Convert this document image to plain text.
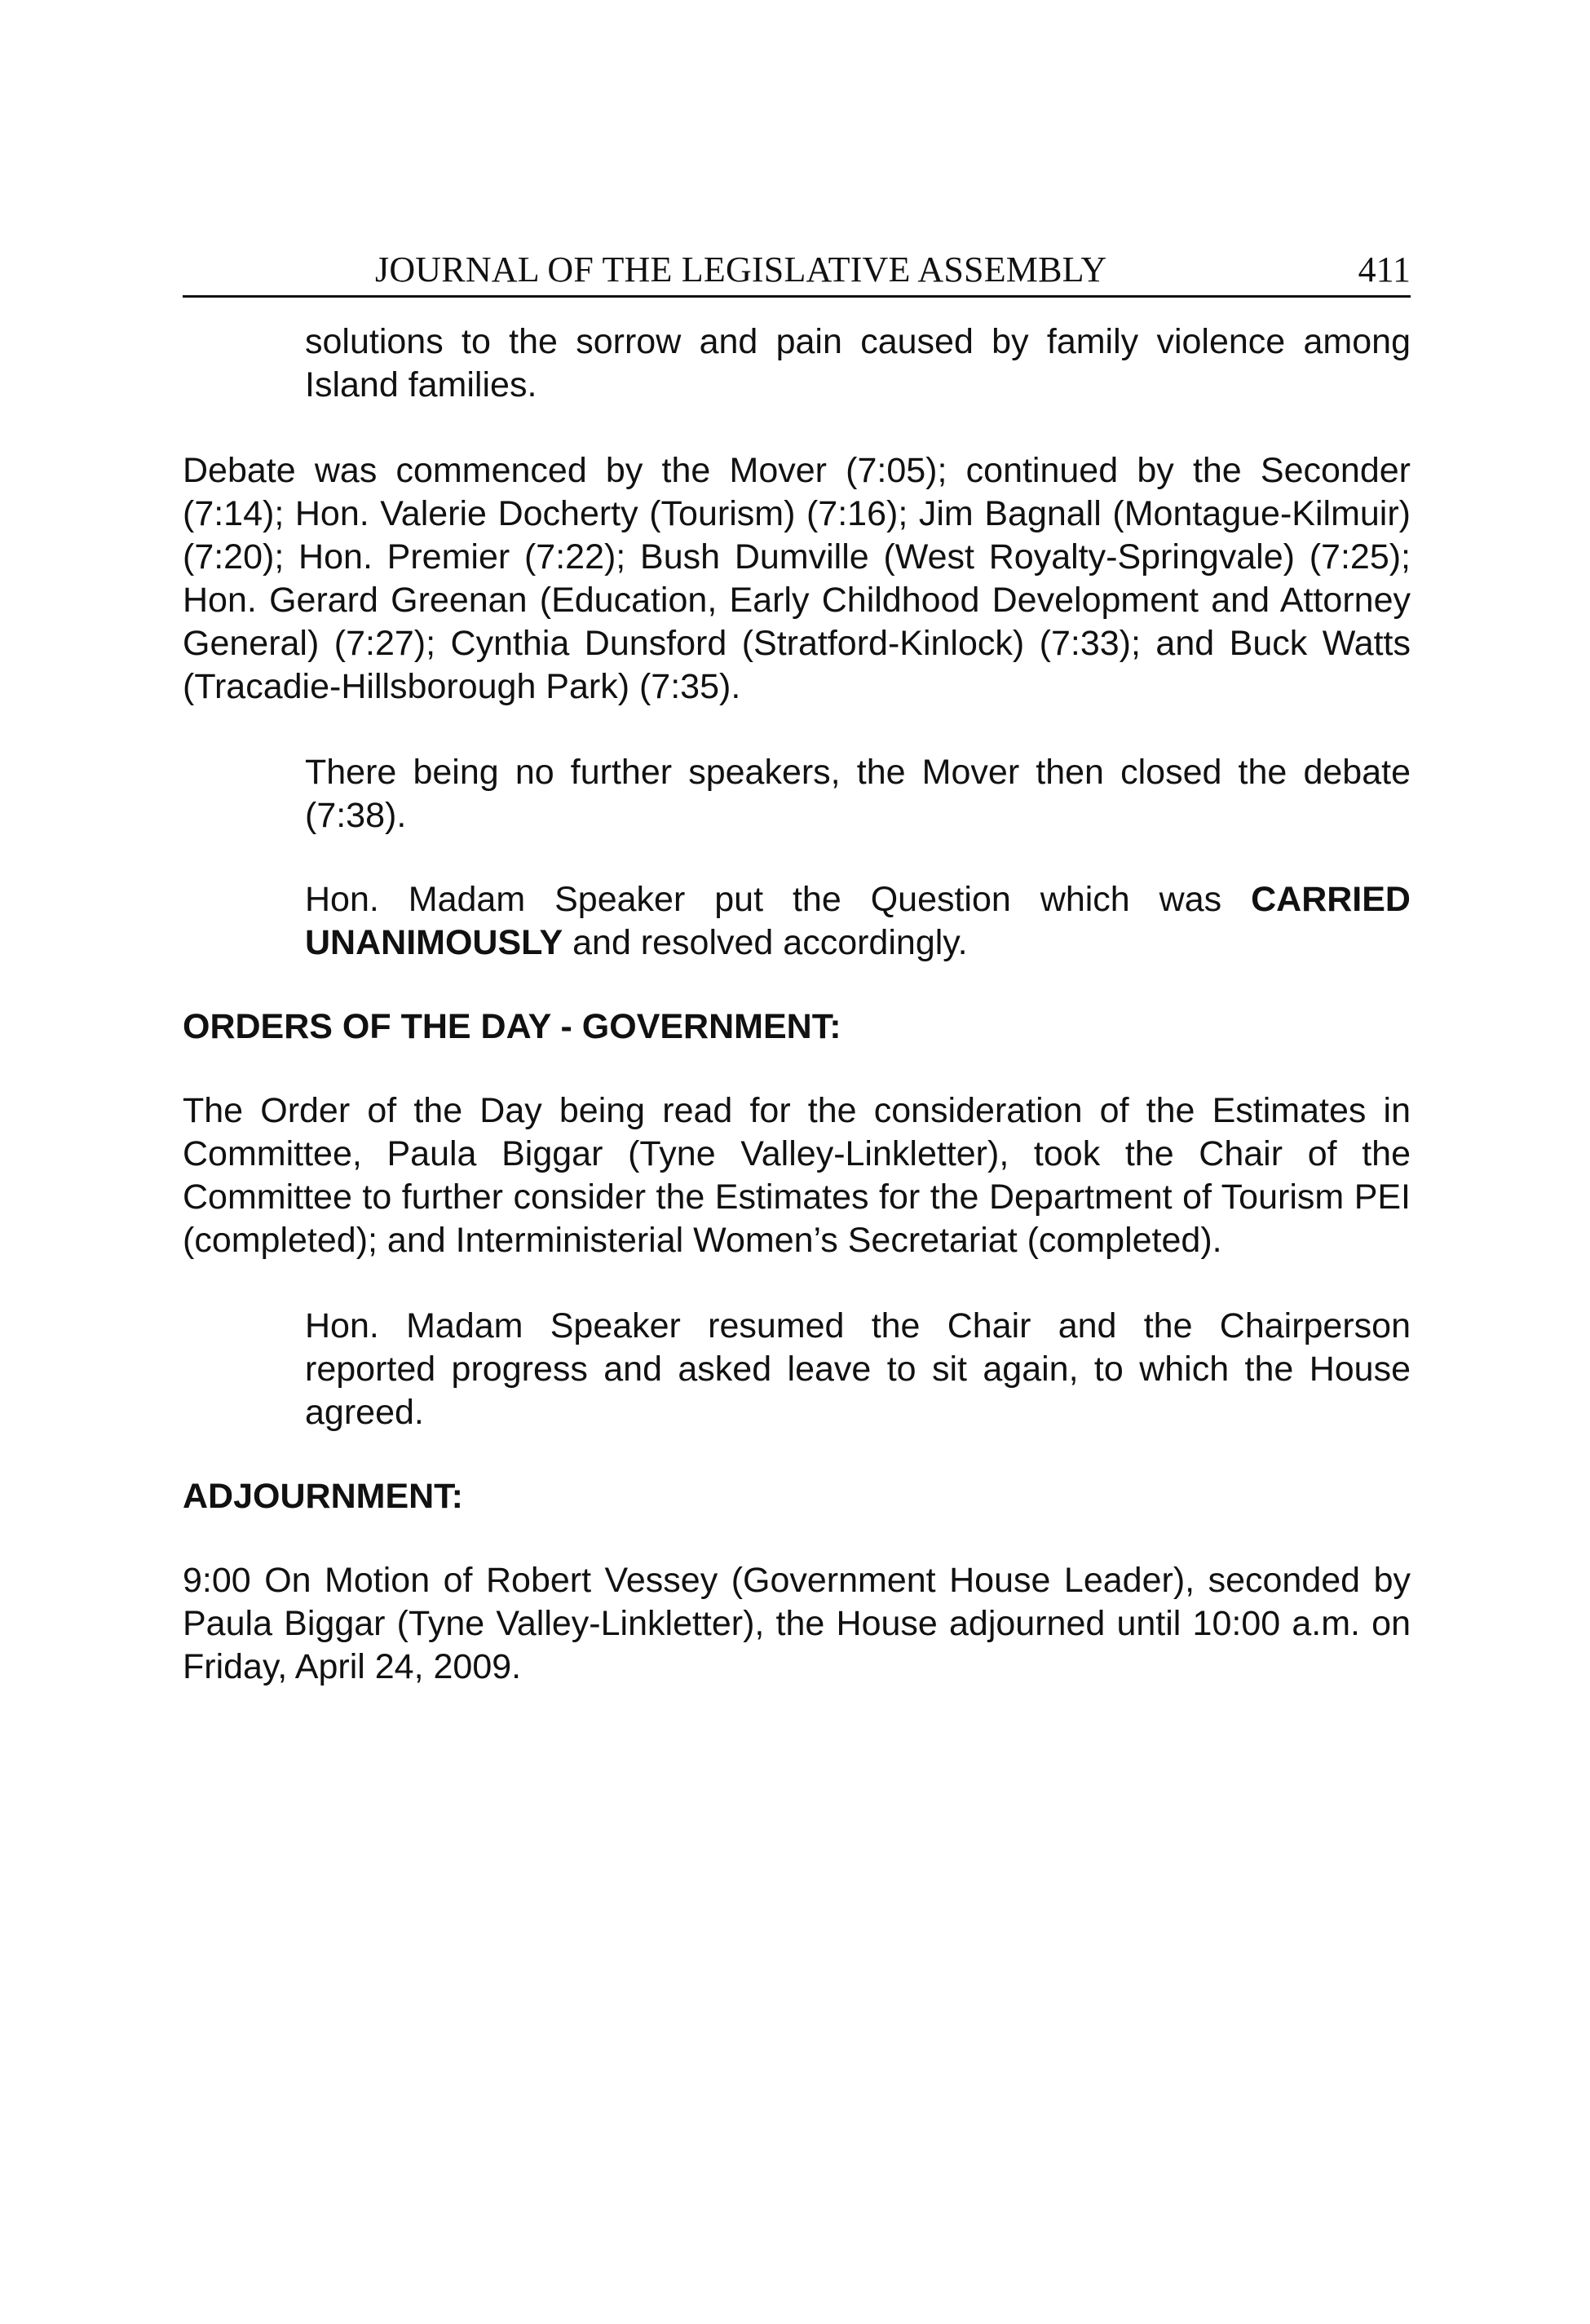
JOURNAL OF THE LEGISLATIVE ASSEMBLY	411

solutions to the sorrow and pain caused by family violence among Island families.

Debate was commenced by the Mover (7:05); continued by the Seconder (7:14); Hon. Valerie Docherty (Tourism) (7:16); Jim Bagnall (Montague-Kilmuir) (7:20); Hon. Premier (7:22); Bush Dumville (West Royalty-Springvale) (7:25); Hon. Gerard Greenan (Education, Early Childhood Development and Attorney General) (7:27); Cynthia Dunsford (Stratford-Kinlock) (7:33); and Buck Watts (Tracadie-Hillsborough Park) (7:35).

There being no further speakers, the Mover then closed the debate (7:38).

Hon. Madam Speaker put the Question which was CARRIED UNANIMOUSLY and resolved accordingly.

ORDERS OF THE DAY - GOVERNMENT:

The Order of the Day being read for the consideration of the Estimates in Committee, Paula Biggar (Tyne Valley-Linkletter), took the Chair of the Committee to further consider the Estimates for the Department of Tourism PEI (completed); and Interministerial Women’s Secretariat (completed).

Hon. Madam Speaker resumed the Chair and the Chairperson reported progress and asked leave to sit again, to which the House agreed.

ADJOURNMENT:

9:00 On Motion of Robert Vessey (Government House Leader), seconded by Paula Biggar (Tyne Valley-Linkletter), the House adjourned until 10:00 a.m. on Friday, April 24, 2009.
